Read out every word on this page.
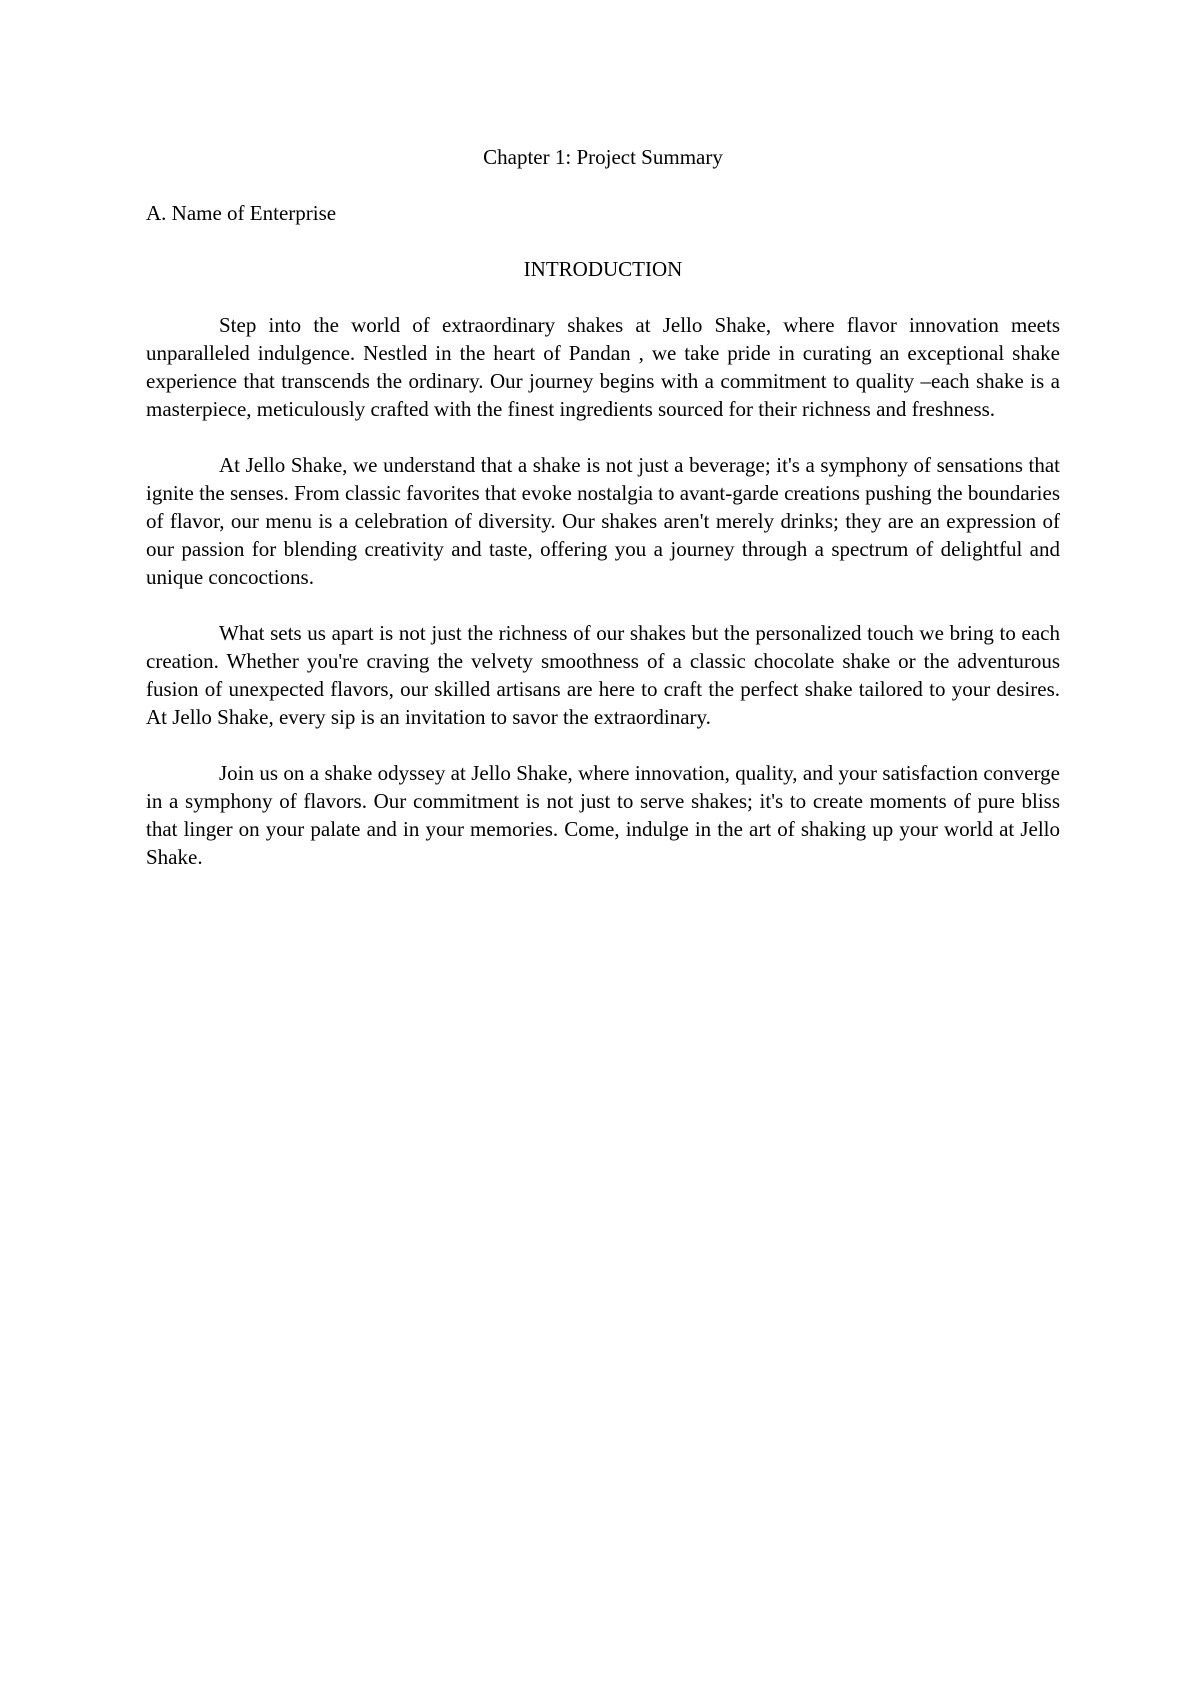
Chapter 1: Project Summary
A. Name of Enterprise
INTRODUCTION

Step into the world of extraordinary shakes at Jello Shake, where flavor innovation meets unparalleled indulgence. Nestled in the heart of Pandan , we take pride in curating an exceptional shake experience that transcends the ordinary. Our journey begins with a commitment to quality –each shake is a masterpiece, meticulously crafted with the finest ingredients sourced for their richness and freshness.

At Jello Shake, we understand that a shake is not just a beverage; it's a symphony of sensations that ignite the senses. From classic favorites that evoke nostalgia to avant-garde creations pushing the boundaries of flavor, our menu is a celebration of diversity. Our shakes aren't merely drinks; they are an expression of our passion for blending creativity and taste, offering you a journey through a spectrum of delightful and unique concoctions.

What sets us apart is not just the richness of our shakes but the personalized touch we bring to each creation. Whether you're craving the velvety smoothness of a classic chocolate shake or the adventurous fusion of unexpected flavors, our skilled artisans are here to craft the perfect shake tailored to your desires. At Jello Shake, every sip is an invitation to savor the extraordinary.

Join us on a shake odyssey at Jello Shake, where innovation, quality, and your satisfaction converge in a symphony of flavors. Our commitment is not just to serve shakes; it's to create moments of pure bliss that linger on your palate and in your memories. Come, indulge in the art of shaking up your world at Jello Shake.
